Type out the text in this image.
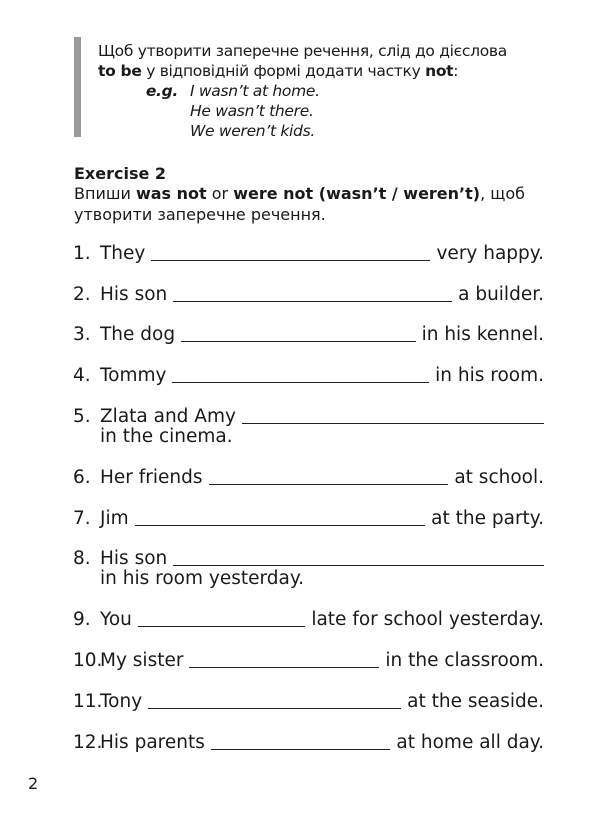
Щоб утворити заперечне речення, слід до дієслова
to be у відповідній формі додати частку not:
e.g. I wasn’t at home.
He wasn’t there.
We weren’t kids.
Exercise 2
Впиши was not or were not (wasn’t / weren’t), щоб утворити заперечне речення.
1. They	very happy.
2. His son	a builder.
3. The dog	in his kennel.
4. Tommy	in his room.
5. Zlata and Amy
in the cinema.
6. Her friends	at school.
7. Jim	at the party.
8. His son
in his room yesterday.
9. You	late for school yesterday.
10.
My sister	in the classroom.
11.
Tony	at the seaside.
12.
His parents	at home all day.
2
